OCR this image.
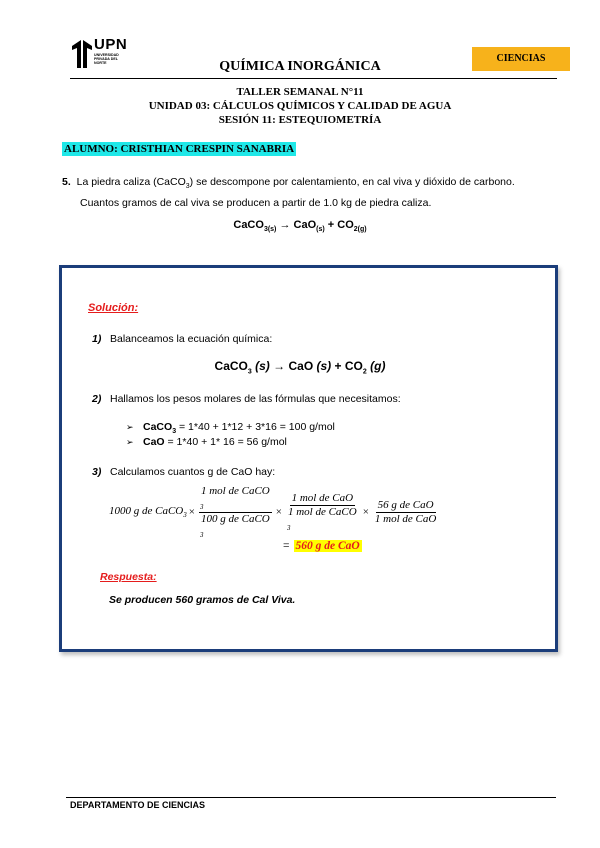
UPN
UNIVERSIDAD PRIVADA DEL NORTE	QUÍMICA INORGÁNICA
CIENCIAS
TALLER SEMANAL N°11
UNIDAD 03: CÁLCULOS QUÍMICOS Y CALIDAD DE AGUA
SESIÓN 11: ESTEQUIOMETRÍA
ALUMNO: CRISTHIAN CRESPIN SANABRIA
5. La piedra caliza (CaCO$_3$) se descompone por calentamiento, en cal viva y dióxido de carbono.
Cuantos gramos de cal viva se producen a partir de 1.0 kg de piedra caliza.
CaCO$_{3(s)}$ → $CaO_{(s)} + CO_{2(g)}$
Solución:
1) Balanceamos la ecuación química:
CaCO$_3$ (s) → CaO $(s) + CO_2$ (g)
2) Hallamos los pesos molares de las fórmulas que necesitamos:
➢ CaCO$_3$ = 1*40 + 1*12 + 3*16 = 100 g/mol
➢ CaO = 1*40 + 1* 16 = 56 g/mol
3) Calculamos cuantos g de CaO hay:
1000 g de CaCO$_3$ × 1 mol de CaCO
$_3$
100 g de CaCO
$_3$ × 1 mol de CaO
1 mol de CaCO
$_3 \times \frac{\text{56 g de CaO}}{\text{1 mol de CaO}}$
= 560 g de CaO
Respuesta:
Se producen 560 gramos de Cal Viva.
DEPARTAMENTO DE CIENCIAS
